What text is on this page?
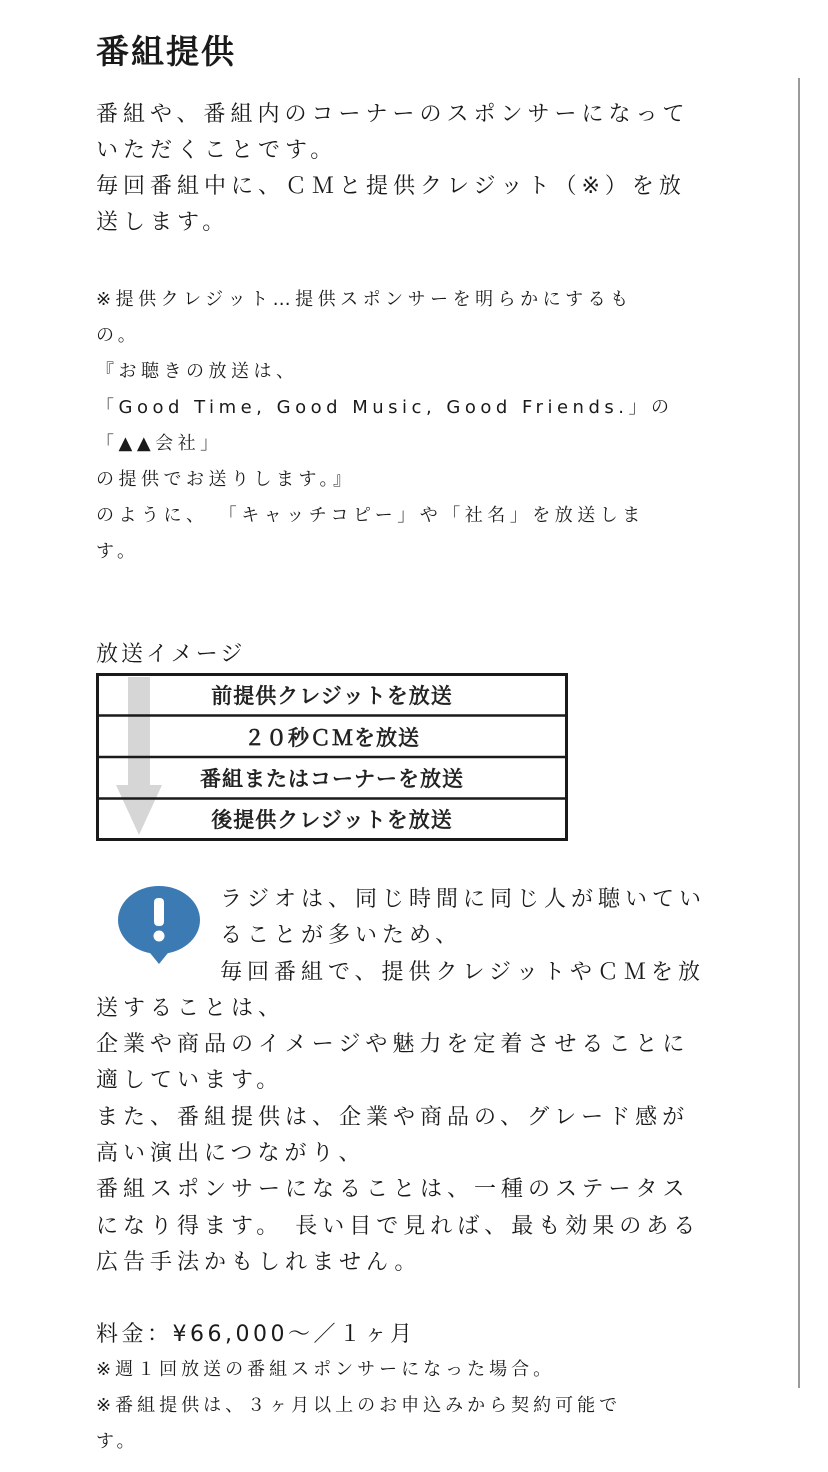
番組提供

番組や、番組内のコーナーのスポンサーになって
いただくことです。
毎回番組中に、ＣＭと提供クレジット（※）を放
送します。

※提供クレジット…提供スポンサーを明らかにするも
の。
『お聴きの放送は、
「Good Time, Good Music, Good Friends.」の
「▲▲会社」
の提供でお送りします。』
のように、 「キャッチコピー」や「社名」を放送しま
す。

放送イメージ

前提供クレジットを放送
２０秒ＣＭを放送
番組またはコーナーを放送
後提供クレジットを放送

ラジオは、同じ時間に同じ人が聴いてい
ることが多いため、
毎回番組で、提供クレジットやＣＭを放
送することは、
企業や商品のイメージや魅力を定着させることに
適しています。
また、番組提供は、企業や商品の、グレード感が
高い演出につながり、
番組スポンサーになることは、一種のステータス
になり得ます。 長い目で見れば、最も効果のある
広告手法かもしれません。

料金：¥66,000～／１ヶ月

※週１回放送の番組スポンサーになった場合。
※番組提供は、３ヶ月以上のお申込みから契約可能で
す。
